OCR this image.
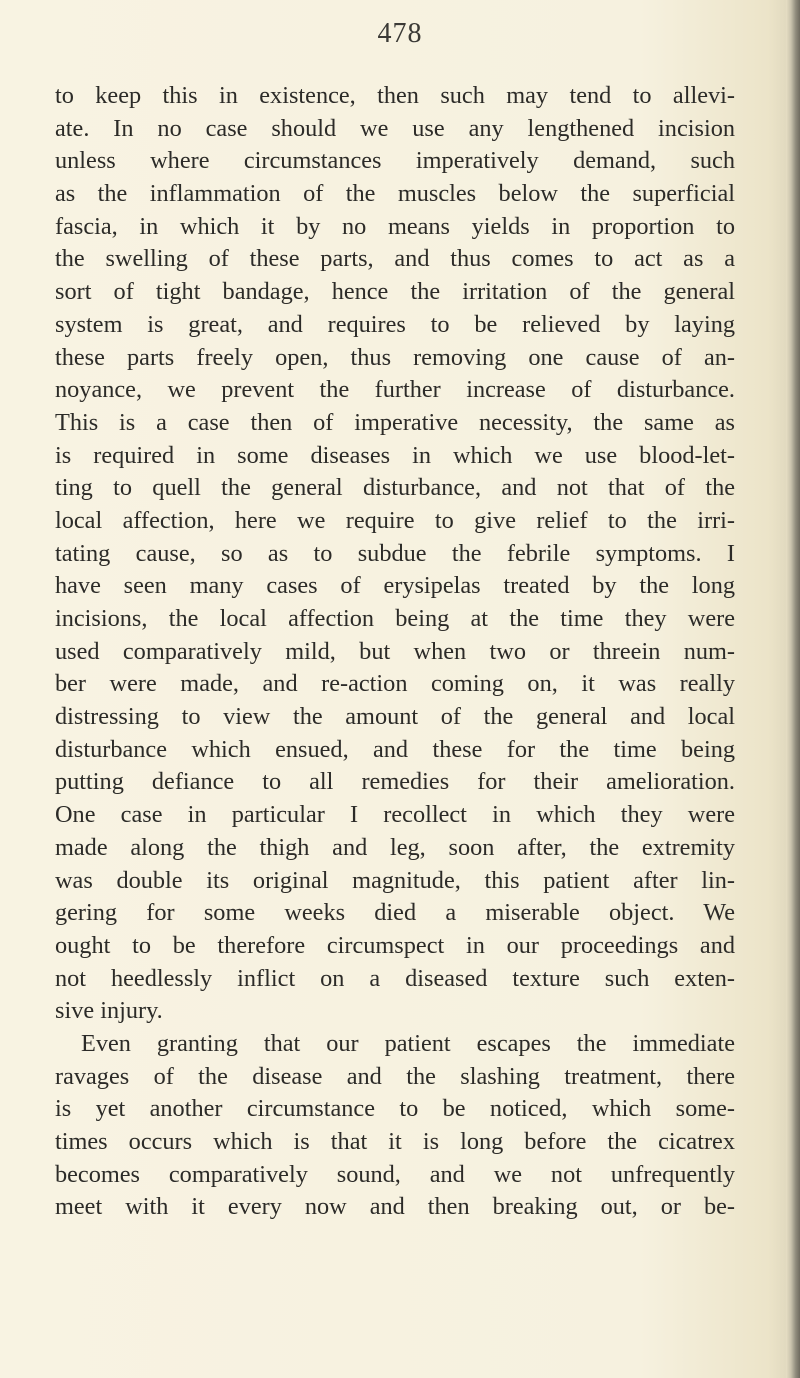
478
to keep this in existence, then such may tend to allevi-
ate. In no case should we use any lengthened incision
unless where circumstances imperatively demand, such
as the inflammation of the muscles below the superficial
fascia, in which it by no means yields in proportion to
the swelling of these parts, and thus comes to act as a
sort of tight bandage, hence the irritation of the general
system is great, and requires to be relieved by laying
these parts freely open, thus removing one cause of an-
noyance, we prevent the further increase of disturbance.
This is a case then of imperative necessity, the same as
is required in some diseases in which we use blood-let-
ting to quell the general disturbance, and not that of the
local affection, here we require to give relief to the irri-
tating cause, so as to subdue the febrile symptoms. I
have seen many cases of erysipelas treated by the long
incisions, the local affection being at the time they were
used comparatively mild, but when two or threein num-
ber were made, and re-action coming on, it was really
distressing to view the amount of the general and local
disturbance which ensued, and these for the time being
putting defiance to all remedies for their amelioration.
One case in particular I recollect in which they were
made along the thigh and leg, soon after, the extremity
was double its original magnitude, this patient after lin-
gering for some weeks died a miserable object. We
ought to be therefore circumspect in our proceedings and
not heedlessly inflict on a diseased texture such exten-
sive injury.
Even granting that our patient escapes the immediate
ravages of the disease and the slashing treatment, there
is yet another circumstance to be noticed, which some-
times occurs which is that it is long before the cicatrex
becomes comparatively sound, and we not unfrequently
meet with it every now and then breaking out, or be-
